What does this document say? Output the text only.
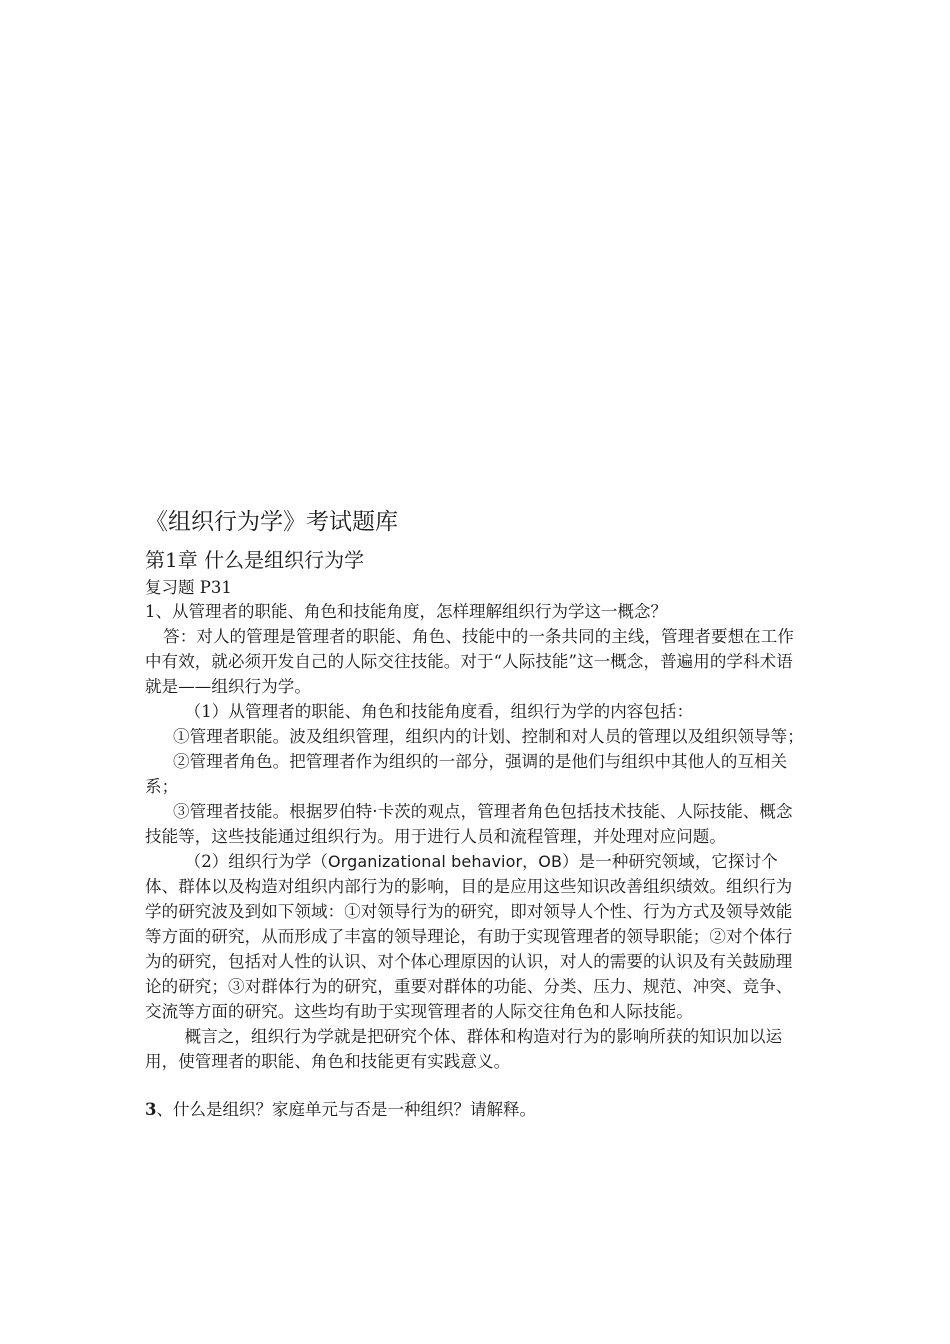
《组织行为学》考试题库
第1章 什么是组织行为学

复习题 P31

1、从管理者的职能、角色和技能角度，怎样理解组织行为学这一概念？

答：对人的管理是管理者的职能、角色、技能中的一条共同的主线，管理者要想在工作中有效，就必须开发自己的人际交往技能。对于“人际技能”这一概念，普遍用的学科术语就是——组织行为学。

（1）从管理者的职能、角色和技能角度看，组织行为学的内容包括：

①管理者职能。波及组织管理，组织内的计划、控制和对人员的管理以及组织领导等；

②管理者角色。把管理者作为组织的一部分，强调的是他们与组织中其他人的互相关系；

③管理者技能。根据罗伯特·卡茨的观点，管理者角色包括技术技能、人际技能、概念技能等，这些技能通过组织行为。用于进行人员和流程管理，并处理对应问题。

（2）组织行为学（Organizational behavior，OB）是一种研究领域，它探讨个体、群体以及构造对组织内部行为的影响，目的是应用这些知识改善组织绩效。组织行为学的研究波及到如下领域：①对领导行为的研究，即对领导人个性、行为方式及领导效能等方面的研究，从而形成了丰富的领导理论，有助于实现管理者的领导职能；②对个体行为的研究，包括对人性的认识、对个体心理原因的认识，对人的需要的认识及有关鼓励理论的研究；③对群体行为的研究，重要对群体的功能、分类、压力、规范、冲突、竞争、交流等方面的研究。这些均有助于实现管理者的人际交往角色和人际技能。

概言之，组织行为学就是把研究个体、群体和构造对行为的影响所获的知识加以运用，使管理者的职能、角色和技能更有实践意义。

3、什么是组织？家庭单元与否是一种组织？请解释。
